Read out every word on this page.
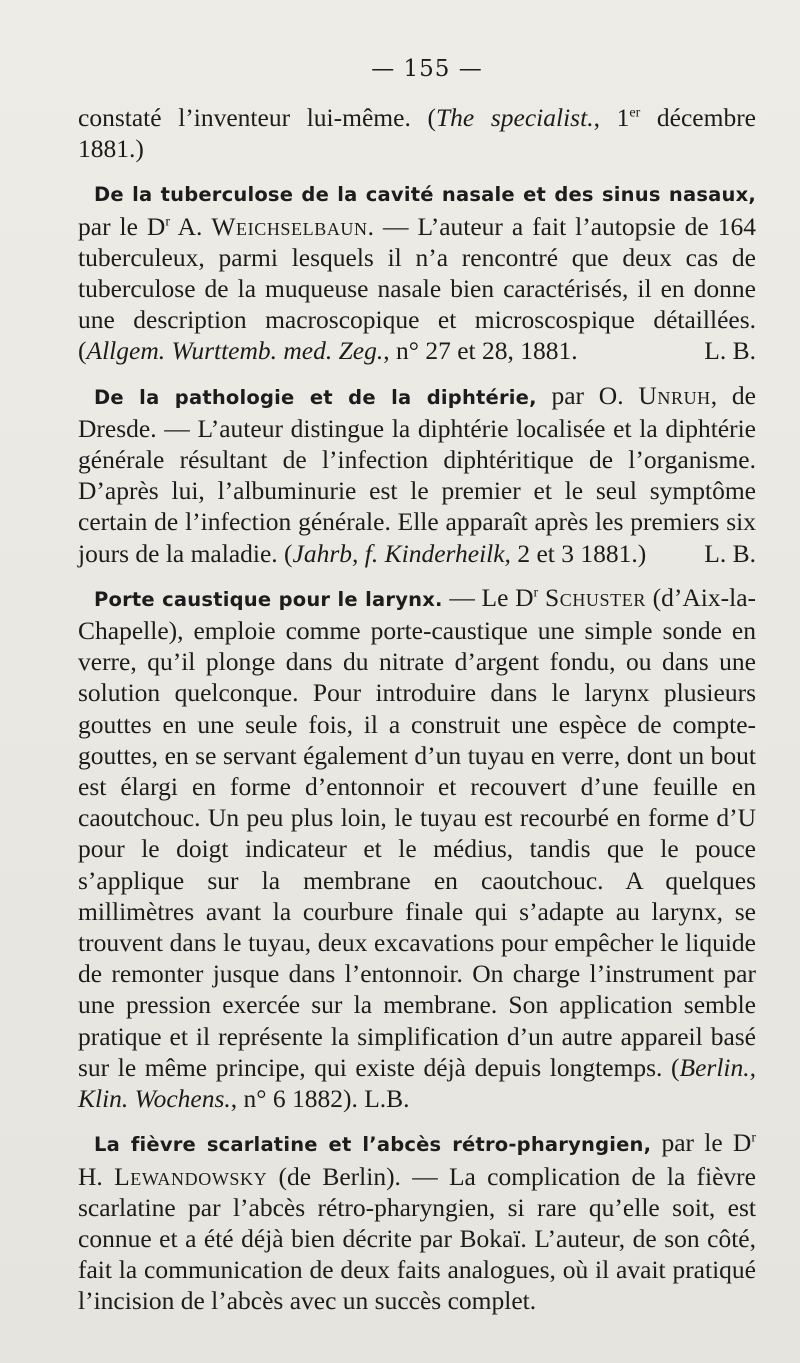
— 155 —

constaté l’inventeur lui-même. (The specialist., 1er décembre 1881.)

De la tuberculose de la cavité nasale et des sinus nasaux, par le $D^r$ A. Weichselbaun. — L’auteur a fait l’autopsie de 164 tuberculeux, parmi lesquels il n’a rencontré que deux cas de tuberculose de la muqueuse nasale bien caractérisés, il en donne une description macroscopique et microscospique détaillées. (Allgem. Wurttemb. med. Zeg., n° 27 et 28, 1881.	L. B.

De la pathologie et de la diphtérie, par O. Unruh, de Dresde. — L’auteur distingue la diphtérie localisée et la diphtérie générale résultant de l’infection diphtéritique de l’organisme. D’après lui, l’albuminurie est le premier et le seul symptôme certain de l’infection générale. Elle apparaît après les premiers six jours de la maladie. (Jahrb, f. Kinderheilk, 2 et 3 1881.)	L. B.

Porte caustique pour le larynx. — Le $D^r$ Schuster (d’Aix-la-Chapelle), emploie comme porte-caustique une simple sonde en verre, qu’il plonge dans du nitrate d’argent fondu, ou dans une solution quelconque. Pour introduire dans le larynx plusieurs gouttes en une seule fois, il a construit une espèce de compte-gouttes, en se servant également d’un tuyau en verre, dont un bout est élargi en forme d’entonnoir et recouvert d’une feuille en caoutchouc. Un peu plus loin, le tuyau est recourbé en forme d’U pour le doigt indicateur et le médius, tandis que le pouce s’applique sur la membrane en caoutchouc. A quelques millimètres avant la courbure finale qui s’adapte au larynx, se trouvent dans le tuyau, deux excavations pour empêcher le liquide de remonter jusque dans l’entonnoir. On charge l’instrument par une pression exercée sur la membrane. Son application semble pratique et il représente la simplification d’un autre appareil basé sur le même principe, qui existe déjà depuis longtemps. (Berlin., Klin. Wochens., n° 6 1882). L.B.

La fièvre scarlatine et l’abcès rétro-pharyngien, par le $D^r$ H. Lewandowsky (de Berlin). — La complication de la fièvre scarlatine par l’abcès rétro-pharyngien, si rare qu’elle soit, est connue et a été déjà bien décrite par Bokaï. L’auteur, de son côté, fait la communication de deux faits analogues, où il avait pratiqué l’incision de l’abcès avec un succès complet.
